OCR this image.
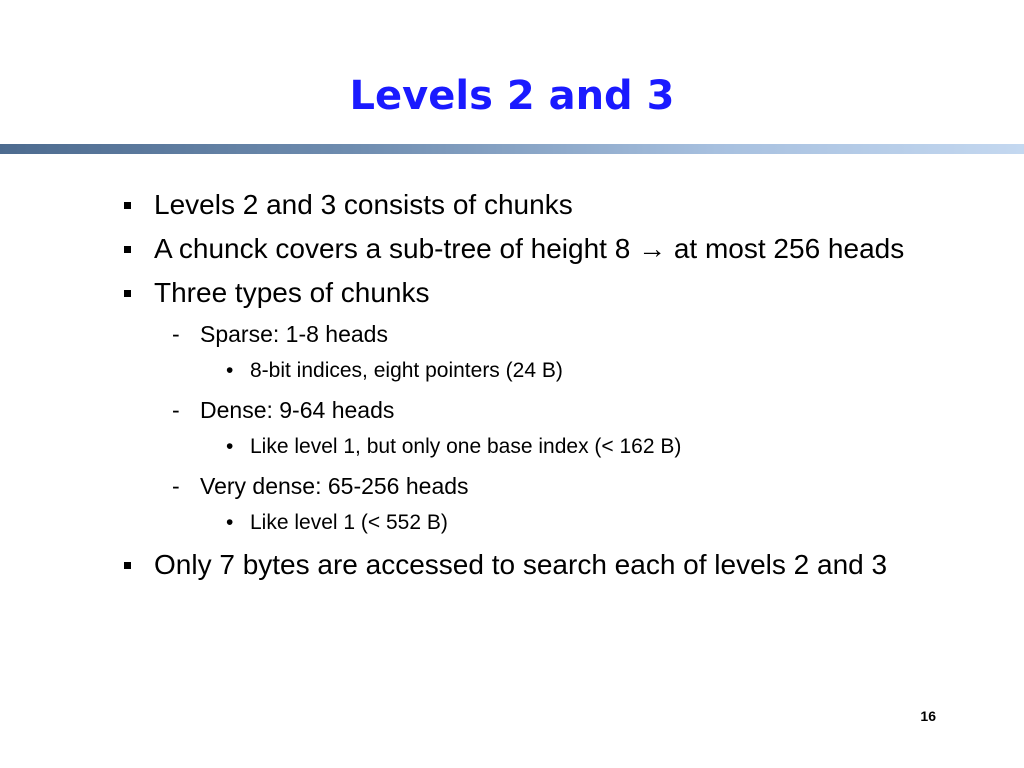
Levels 2 and 3
Levels 2 and 3 consists of chunks
A chunck covers a sub-tree of height 8 → at most 256 heads
Three types of chunks
- Sparse: 1-8 heads
• 8-bit indices, eight pointers (24 B)
- Dense: 9-64 heads
• Like level 1, but only one base index (< 162 B)
- Very dense: 65-256 heads
• Like level 1 (< 552 B)
Only 7 bytes are accessed to search each of levels 2 and 3
16
